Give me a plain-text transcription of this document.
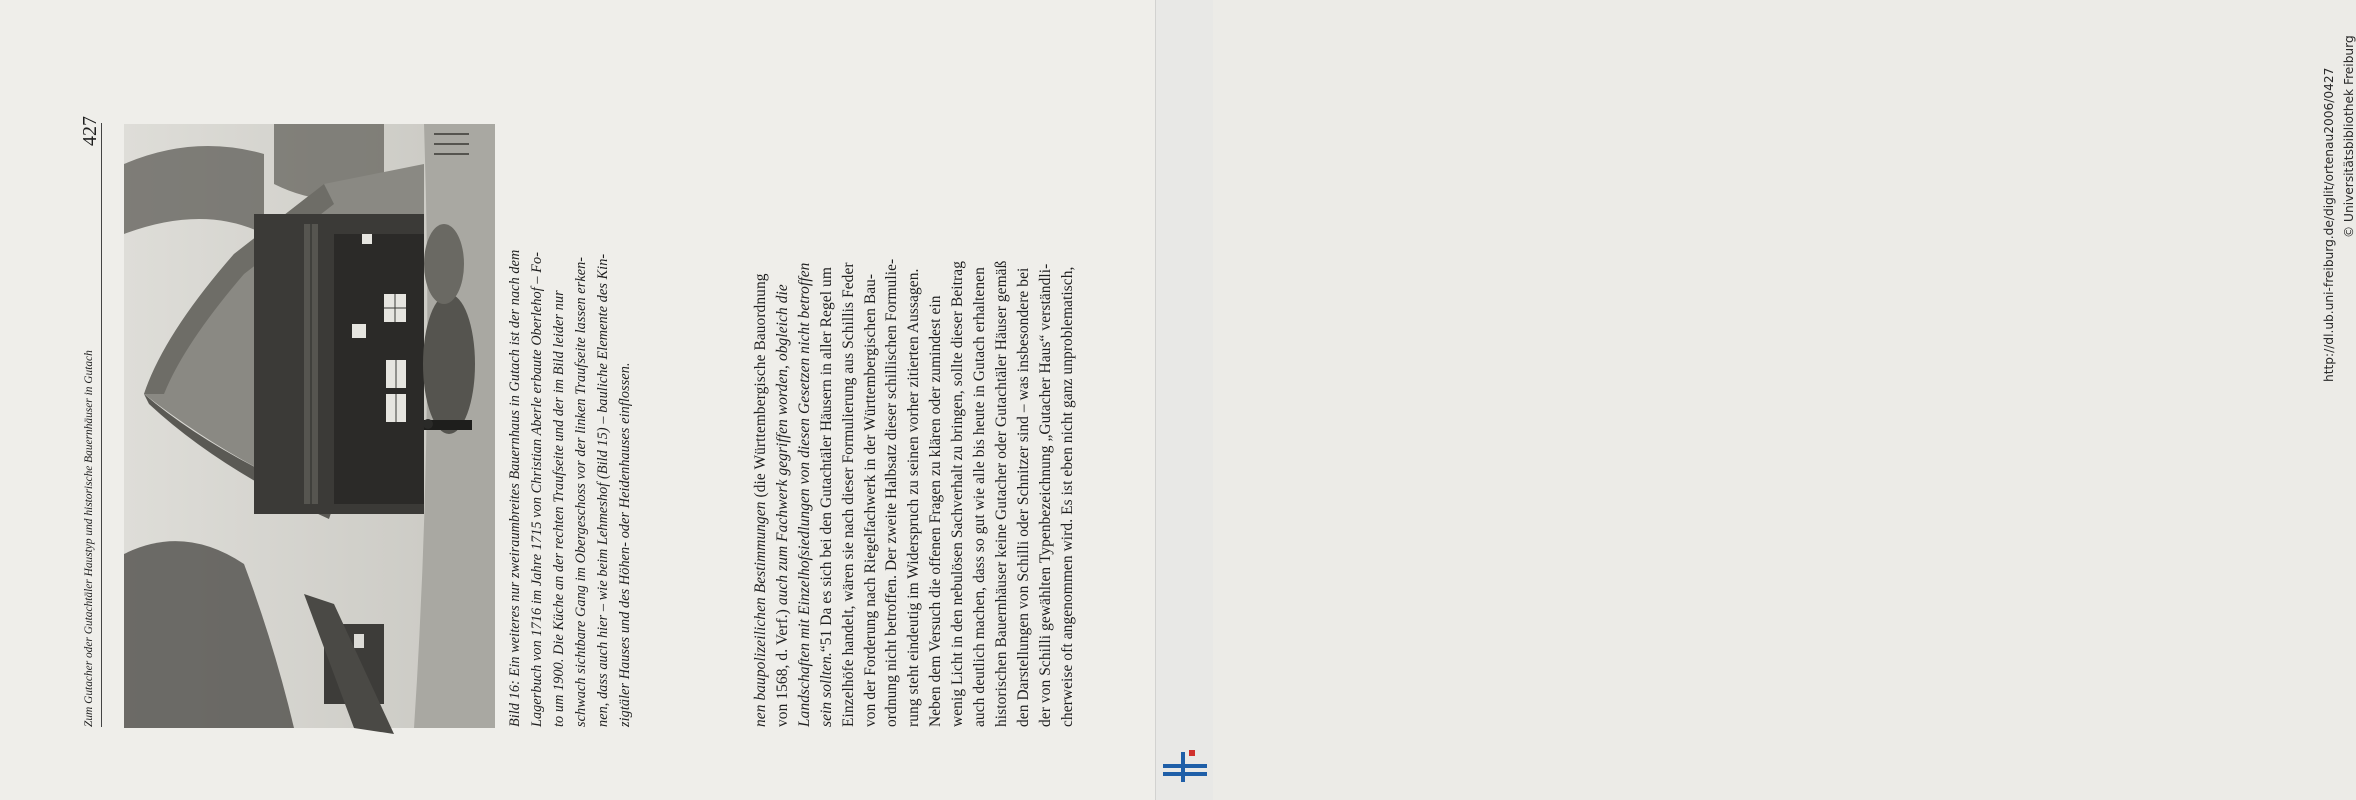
Zum Gutacher oder Gutachtäler Haustyp und historische Bauernhäuser in Gutach
427
Bild 16: Ein weiteres nur zweiraumbreites Bauernhaus in Gutach ist der nach dem Lagerbuch von 1716 im Jahre 1715 von Christian Aberle erbaute Oberlehof – Fo- to um 1900. Die Küche an der rechten Traufseite und der im Bild leider nur schwach sichtbare Gang im Obergeschoss vor der linken Traufseite lassen erken- nen, dass auch hier – wie beim Lehmeshof (Bild 15) – bauliche Elemente des Kin- zigtäler Hauses und des Höhen- oder Heidenhauses einflossen.	nen baupolizeilichen Bestimmungen (die Württembergische Bauordnung
von 1568, d. Verf.) auch zum Fachwerk gegriffen worden, obgleich die Landschaften mit Einzelhofsiedlungen von diesen Gesetzen nicht betroffen sein sollten.“51 Da es sich bei den Gutachtäler Häusern in aller Regel um Einzelhöfe handelt, wären sie nach dieser Formulierung aus Schillis Feder von der Forderung nach Riegelfachwerk in der Württembergischen Bau- ordnung nicht betroffen. Der zweite Halbsatz dieser schillischen Formulie- rung steht eindeutig im Widerspruch zu seinen vorher zitierten Aussagen. Neben dem Versuch die offenen Fragen zu klären oder zumindest ein wenig Licht in den nebulösen Sachverhalt zu bringen, sollte dieser Beitrag auch deutlich machen, dass so gut wie alle bis heute in Gutach erhaltenen historischen Bauernhäuser keine Gutacher oder Gutachtäler Häuser gemäß den Darstellungen von Schilli oder Schnitzer sind – was insbesondere bei der von Schilli gewählten Typenbezeichnung „Gutacher Haus“ verständli- cherweise oft angenommen wird. Es ist eben nicht ganz unproblematisch,
http://dl.ub.uni-freiburg.de/diglit/ortenau2006/0427 © Universitätsbibliothek Freiburg
